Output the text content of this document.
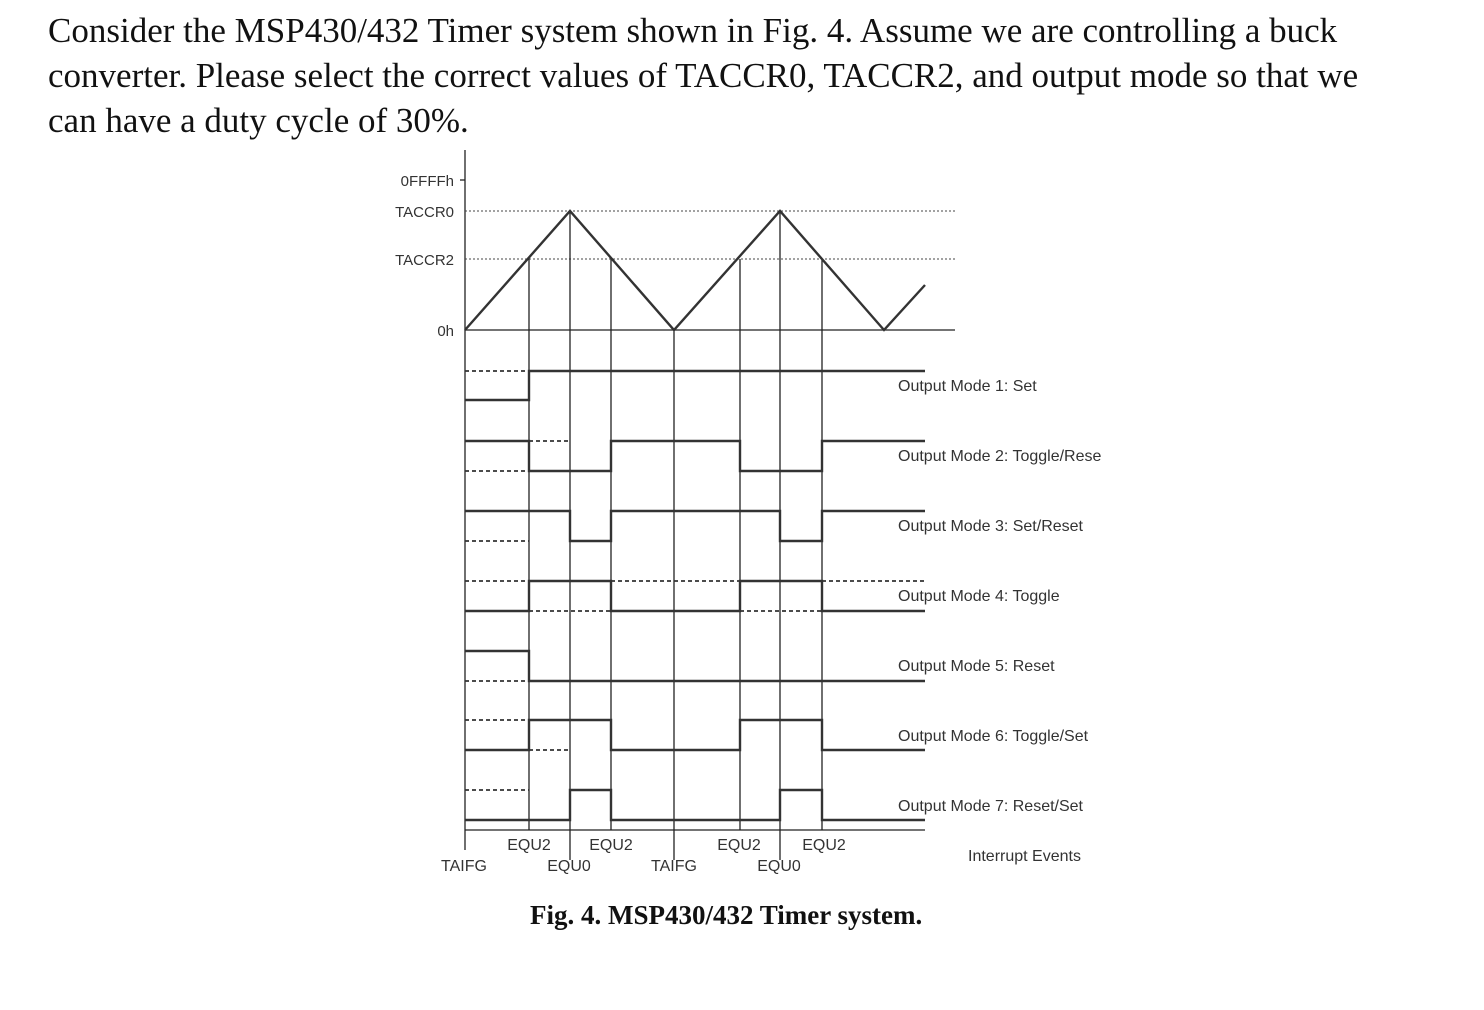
Consider the MSP430/432 Timer system shown in Fig. 4. Assume we are controlling a buck
converter. Please select the correct values of TACCR0, TACCR2, and output mode so that we
can have a duty cycle of 30%.
0FFFFh
TACCR0
TACCR2
0h
Output Mode 1: Set
Output Mode 2: Toggle/Rese
Output Mode 3: Set/Reset
Output Mode 4: Toggle
Output Mode 5: Reset
Output Mode 6: Toggle/Set
Output Mode 7: Reset/Set
TAIFG
EQU2
EQU0
EQU2
TAIFG
EQU2
EQU0
EQU2
Interrupt Events
Fig. 4. MSP430/432 Timer system.
